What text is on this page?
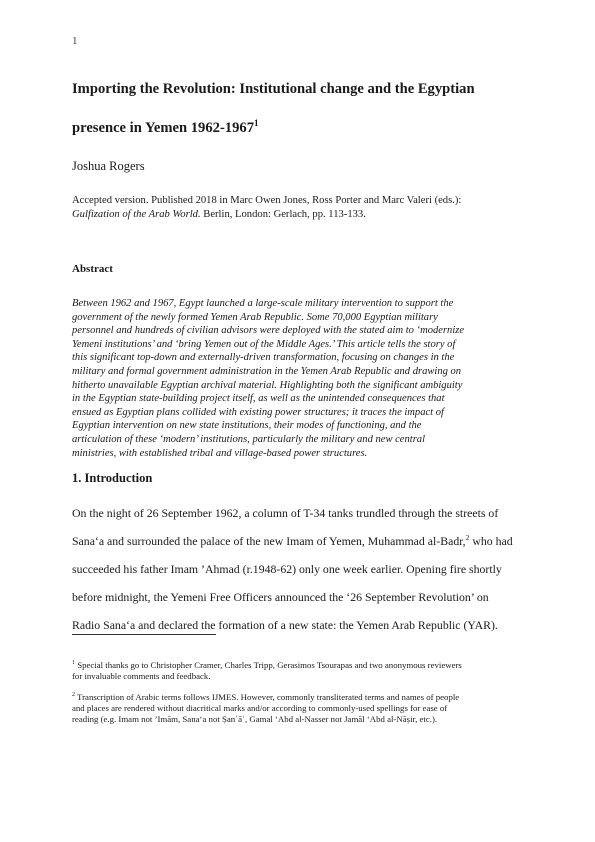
1
Importing the Revolution: Institutional change and the Egyptian
presence in Yemen 1962-1967$^1$
Joshua Rogers
Accepted version. Published 2018 in Marc Owen Jones, Ross Porter and Marc Valeri (eds.):
Gulfization of the Arab World. Berlin, London: Gerlach, pp. 113-133.
Abstract
Between 1962 and 1967, Egypt launched a large-scale military intervention to support the
government of the newly formed Yemen Arab Republic. Some 70,000 Egyptian military
personnel and hundreds of civilian advisors were deployed with the stated aim to ‘modernize
Yemeni institutions’ and ‘bring Yemen out of the Middle Ages.’ This article tells the story of
this significant top-down and externally-driven transformation, focusing on changes in the
military and formal government administration in the Yemen Arab Republic and drawing on
hitherto unavailable Egyptian archival material. Highlighting both the significant ambiguity
in the Egyptian state-building project itself, as well as the unintended consequences that
ensued as Egyptian plans collided with existing power structures; it traces the impact of
Egyptian intervention on new state institutions, their modes of functioning, and the
articulation of these ‘modern’ institutions, particularly the military and new central
ministries, with established tribal and village-based power structures.
1. Introduction
On the night of 26 September 1962, a column of T-34 tanks trundled through the streets of
Sana‘a and surrounded the palace of the new Imam of Yemen, Muhammad al-Badr,$^2$ who had
succeeded his father Imam ’Ahmad (r.1948-62) only one week earlier. Opening fire shortly
before midnight, the Yemeni Free Officers announced the ‘26 September Revolution’ on
Radio Sana‘a and declared the formation of a new state: the Yemen Arab Republic (YAR).
$^1$ Special thanks go to Christopher Cramer, Charles Tripp, Gerasimos Tsourapas and two anonymous reviewers
for invaluable comments and feedback.
$^2$ Transcription of Arabic terms follows IJMES. However, commonly transliterated terms and names of people
and places are rendered without diacritical marks and/or according to commonly-used spellings for ease of
reading (e.g. Imam not ’Imām, Sana‘a not Ṣanʿāʾ, Gamal ‘Abd al-Nasser not Jamāl ‘Abd al-Nāṣir, etc.).
